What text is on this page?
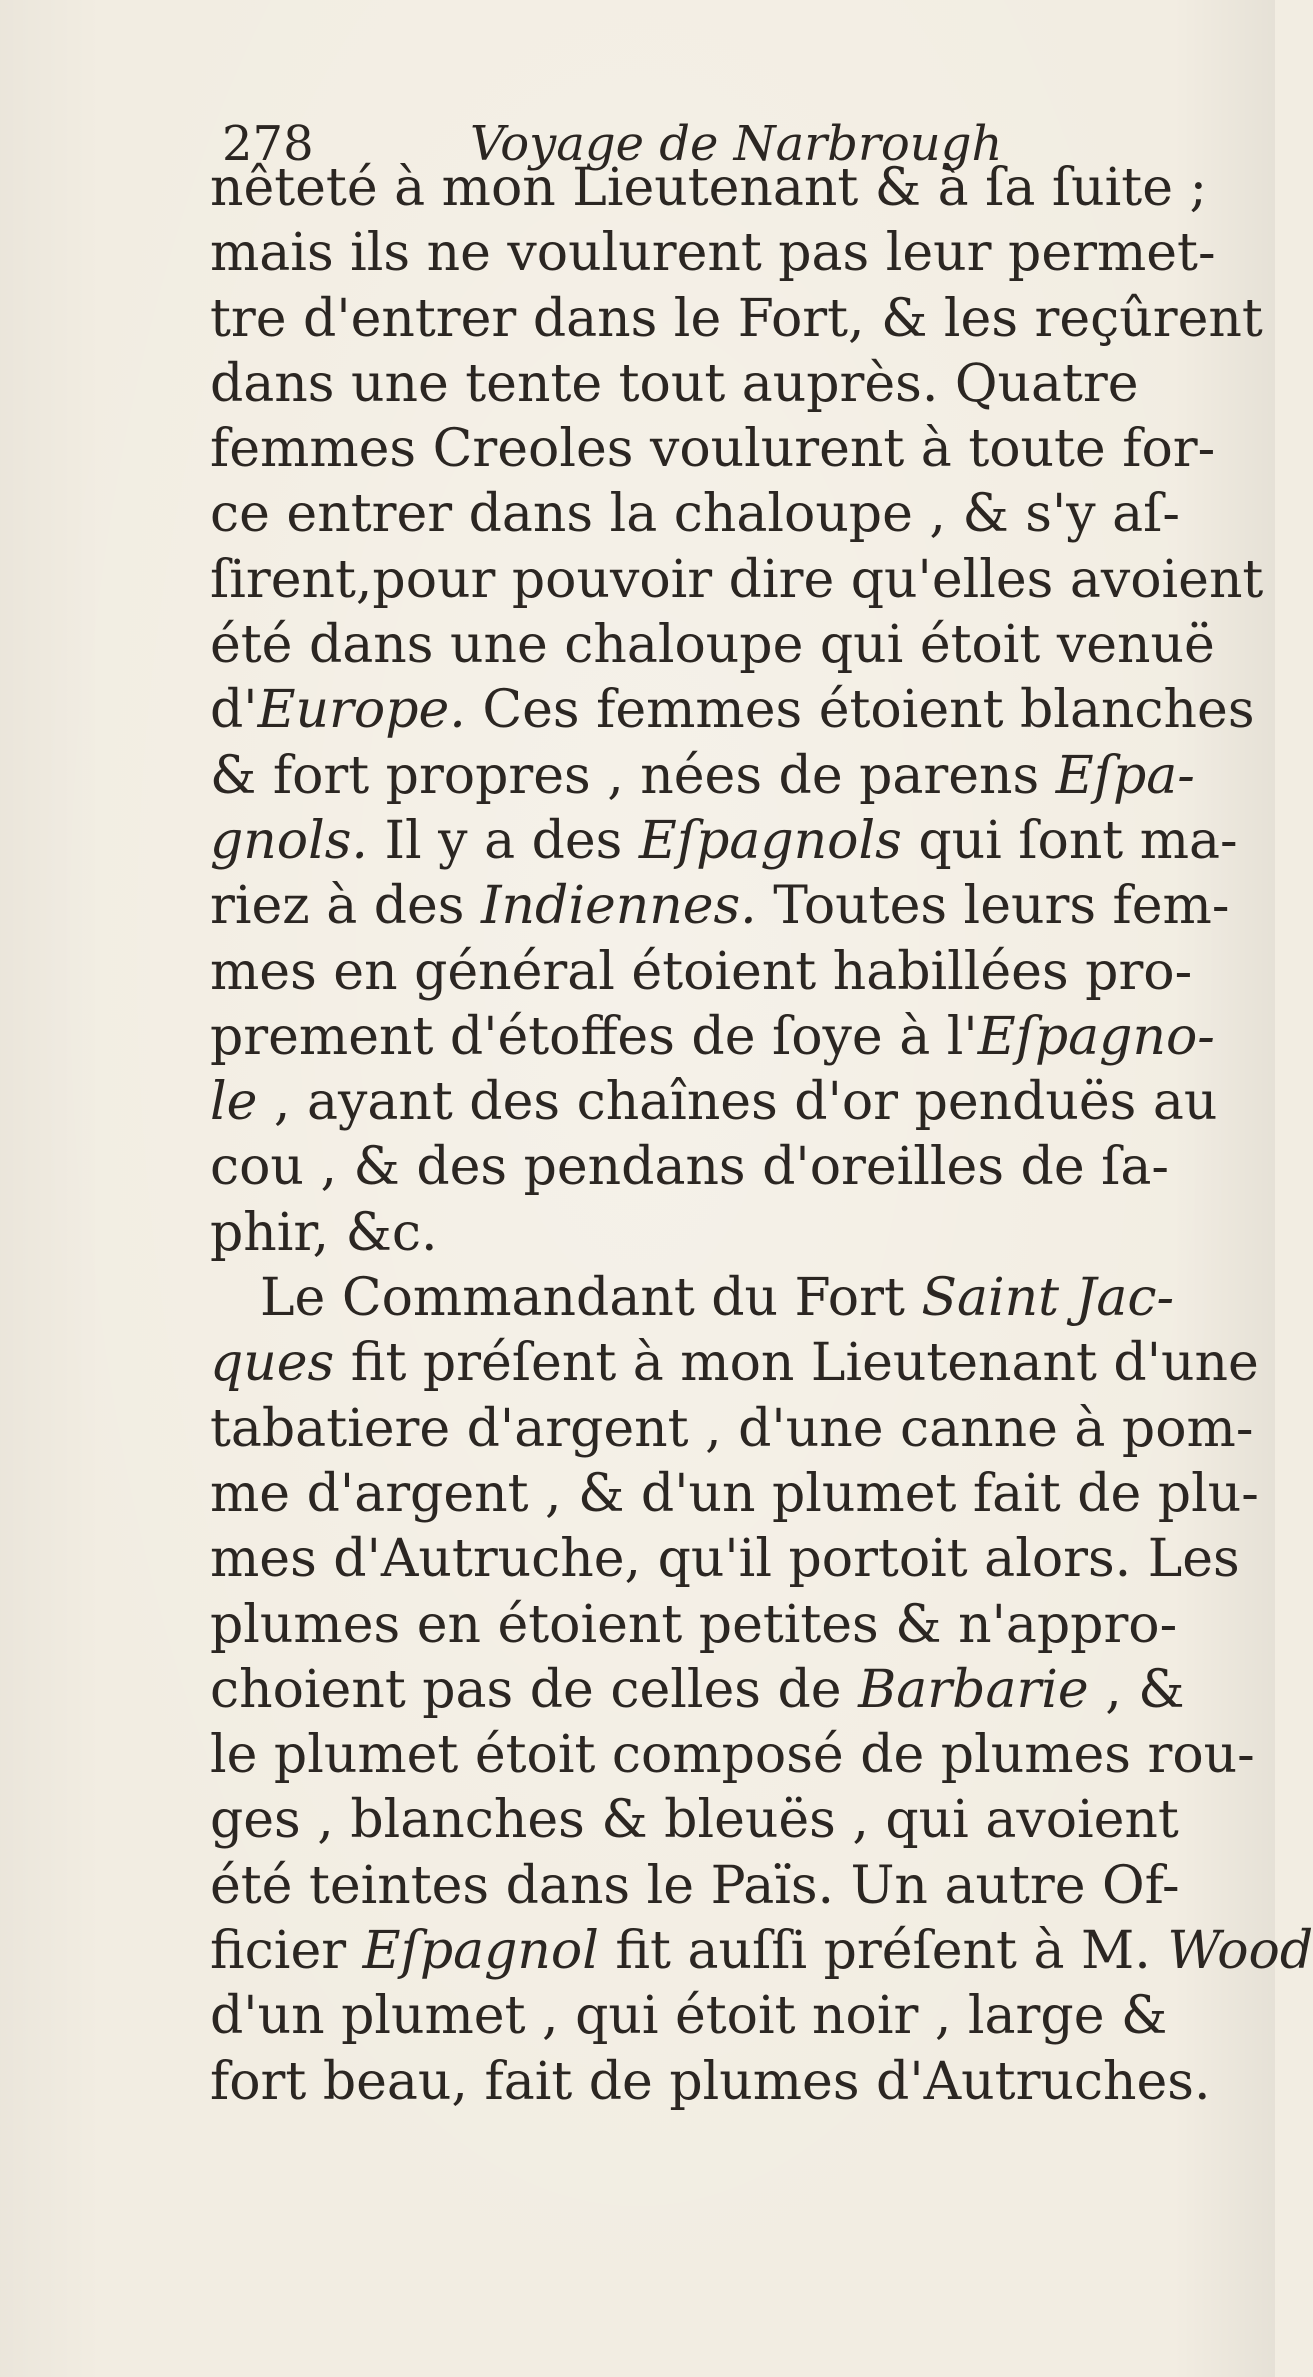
278	Voyage de Narbrough
nêteté à mon Lieutenant & à ſa ſuite ;
mais ils ne voulurent pas leur permet-
tre d'entrer dans le Fort, & les reçûrent
dans une tente tout auprès. Quatre
femmes Creoles voulurent à toute for-
ce entrer dans la chaloupe , & s'y aſ-
ſirent,pour pouvoir dire qu'elles avoient
été dans une chaloupe qui étoit venuë
d'Europe. Ces femmes étoient blanches
& fort propres , nées de parens Eſpa-
gnols. Il y a des Eſpagnols qui ſont ma-
riez à des Indiennes. Toutes leurs fem-
mes en général étoient habillées pro-
prement d'étoffes de ſoye à l'Eſpagno-
le , ayant des chaînes d'or penduës au
cou , & des pendans d'oreilles de ſa-
phir, &c.
Le Commandant du Fort Saint Jac-
ques fit préſent à mon Lieutenant d'une
tabatiere d'argent , d'une canne à pom-
me d'argent , & d'un plumet fait de plu-
mes d'Autruche, qu'il portoit alors. Les
plumes en étoient petites & n'appro-
choient pas de celles de Barbarie , &
le plumet étoit composé de plumes rou-
ges , blanches & bleuës , qui avoient
été teintes dans le Païs. Un autre Of-
ficier Eſpagnol fit auſſi préſent à M. Wood
d'un plumet , qui étoit noir , large &
fort beau, fait de plumes d'Autruches.
